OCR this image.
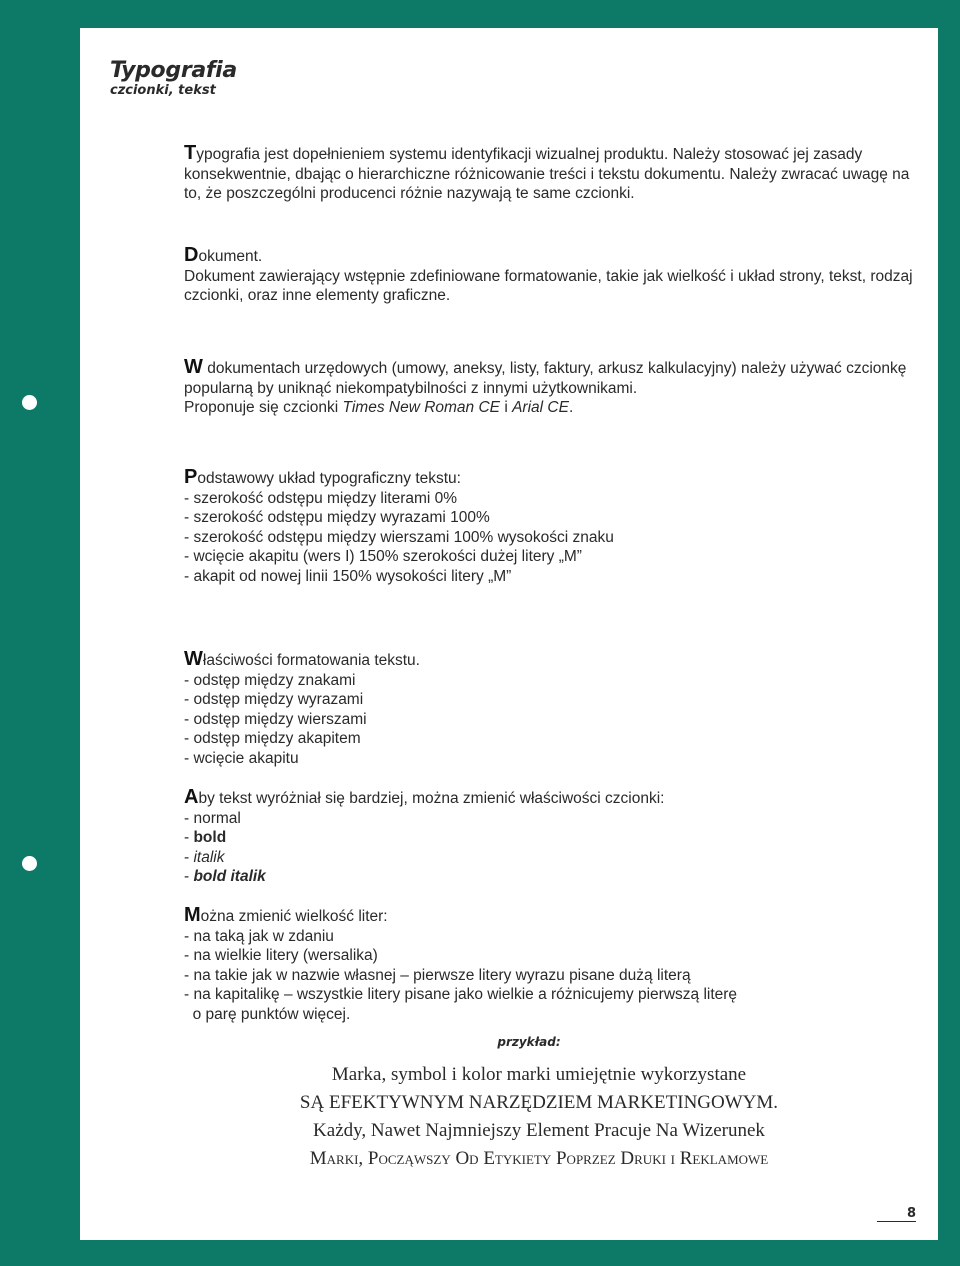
Typografia
czcionki, tekst

Typografia jest dopełnieniem systemu identyfikacji wizualnej produktu. Należy stosować jej zasady konsekwentnie, dbając o hierarchiczne różnicowanie treści i tekstu dokumentu. Należy zwracać uwagę na to, że poszczególni producenci różnie nazywają te same czcionki.

Dokument.

Dokument zawierający wstępnie zdefiniowane formatowanie, takie jak wielkość i układ strony, tekst, rodzaj czcionki, oraz inne elementy graficzne.

W dokumentach urzędowych (umowy, aneksy, listy, faktury, arkusz kalkulacyjny) należy używać czcionkę popularną by uniknąć niekompatybilności z innymi użytkownikami.

Proponuje się czcionki Times New Roman CE i Arial CE.

Podstawowy układ typograficzny tekstu:

- szerokość odstępu między literami 0%

- szerokość odstępu między wyrazami 100%

- szerokość odstępu między wierszami 100% wysokości znaku

- wcięcie akapitu (wers I) 150% szerokości dużej litery „M”

- akapit od nowej linii 150% wysokości litery „M”

Właściwości formatowania tekstu.

- odstęp między znakami

- odstęp między wyrazami

- odstęp między wierszami

- odstęp między akapitem

- wcięcie akapitu

Aby tekst wyróżniał się bardziej, można zmienić właściwości czcionki:

- normal

- bold

- italik

- bold italik

Można zmienić wielkość liter:

- na taką jak w zdaniu

- na wielkie litery (wersalika)

- na takie jak w nazwie własnej – pierwsze litery wyrazu pisane dużą literą

- na kapitalikę – wszystkie litery pisane jako wielkie a różnicujemy pierwszą literę

o parę punktów więcej.

przykład:
Marka, symbol i kolor marki umiejętnie wykorzystane
SĄ EFEKTYWNYM NARZĘDZIEM MARKETINGOWYM.
Każdy, Nawet Najmniejszy Element Pracuje Na Wizerunek
Marki, Począwszy Od Etykiety Poprzez Druki i Reklamowe
8
